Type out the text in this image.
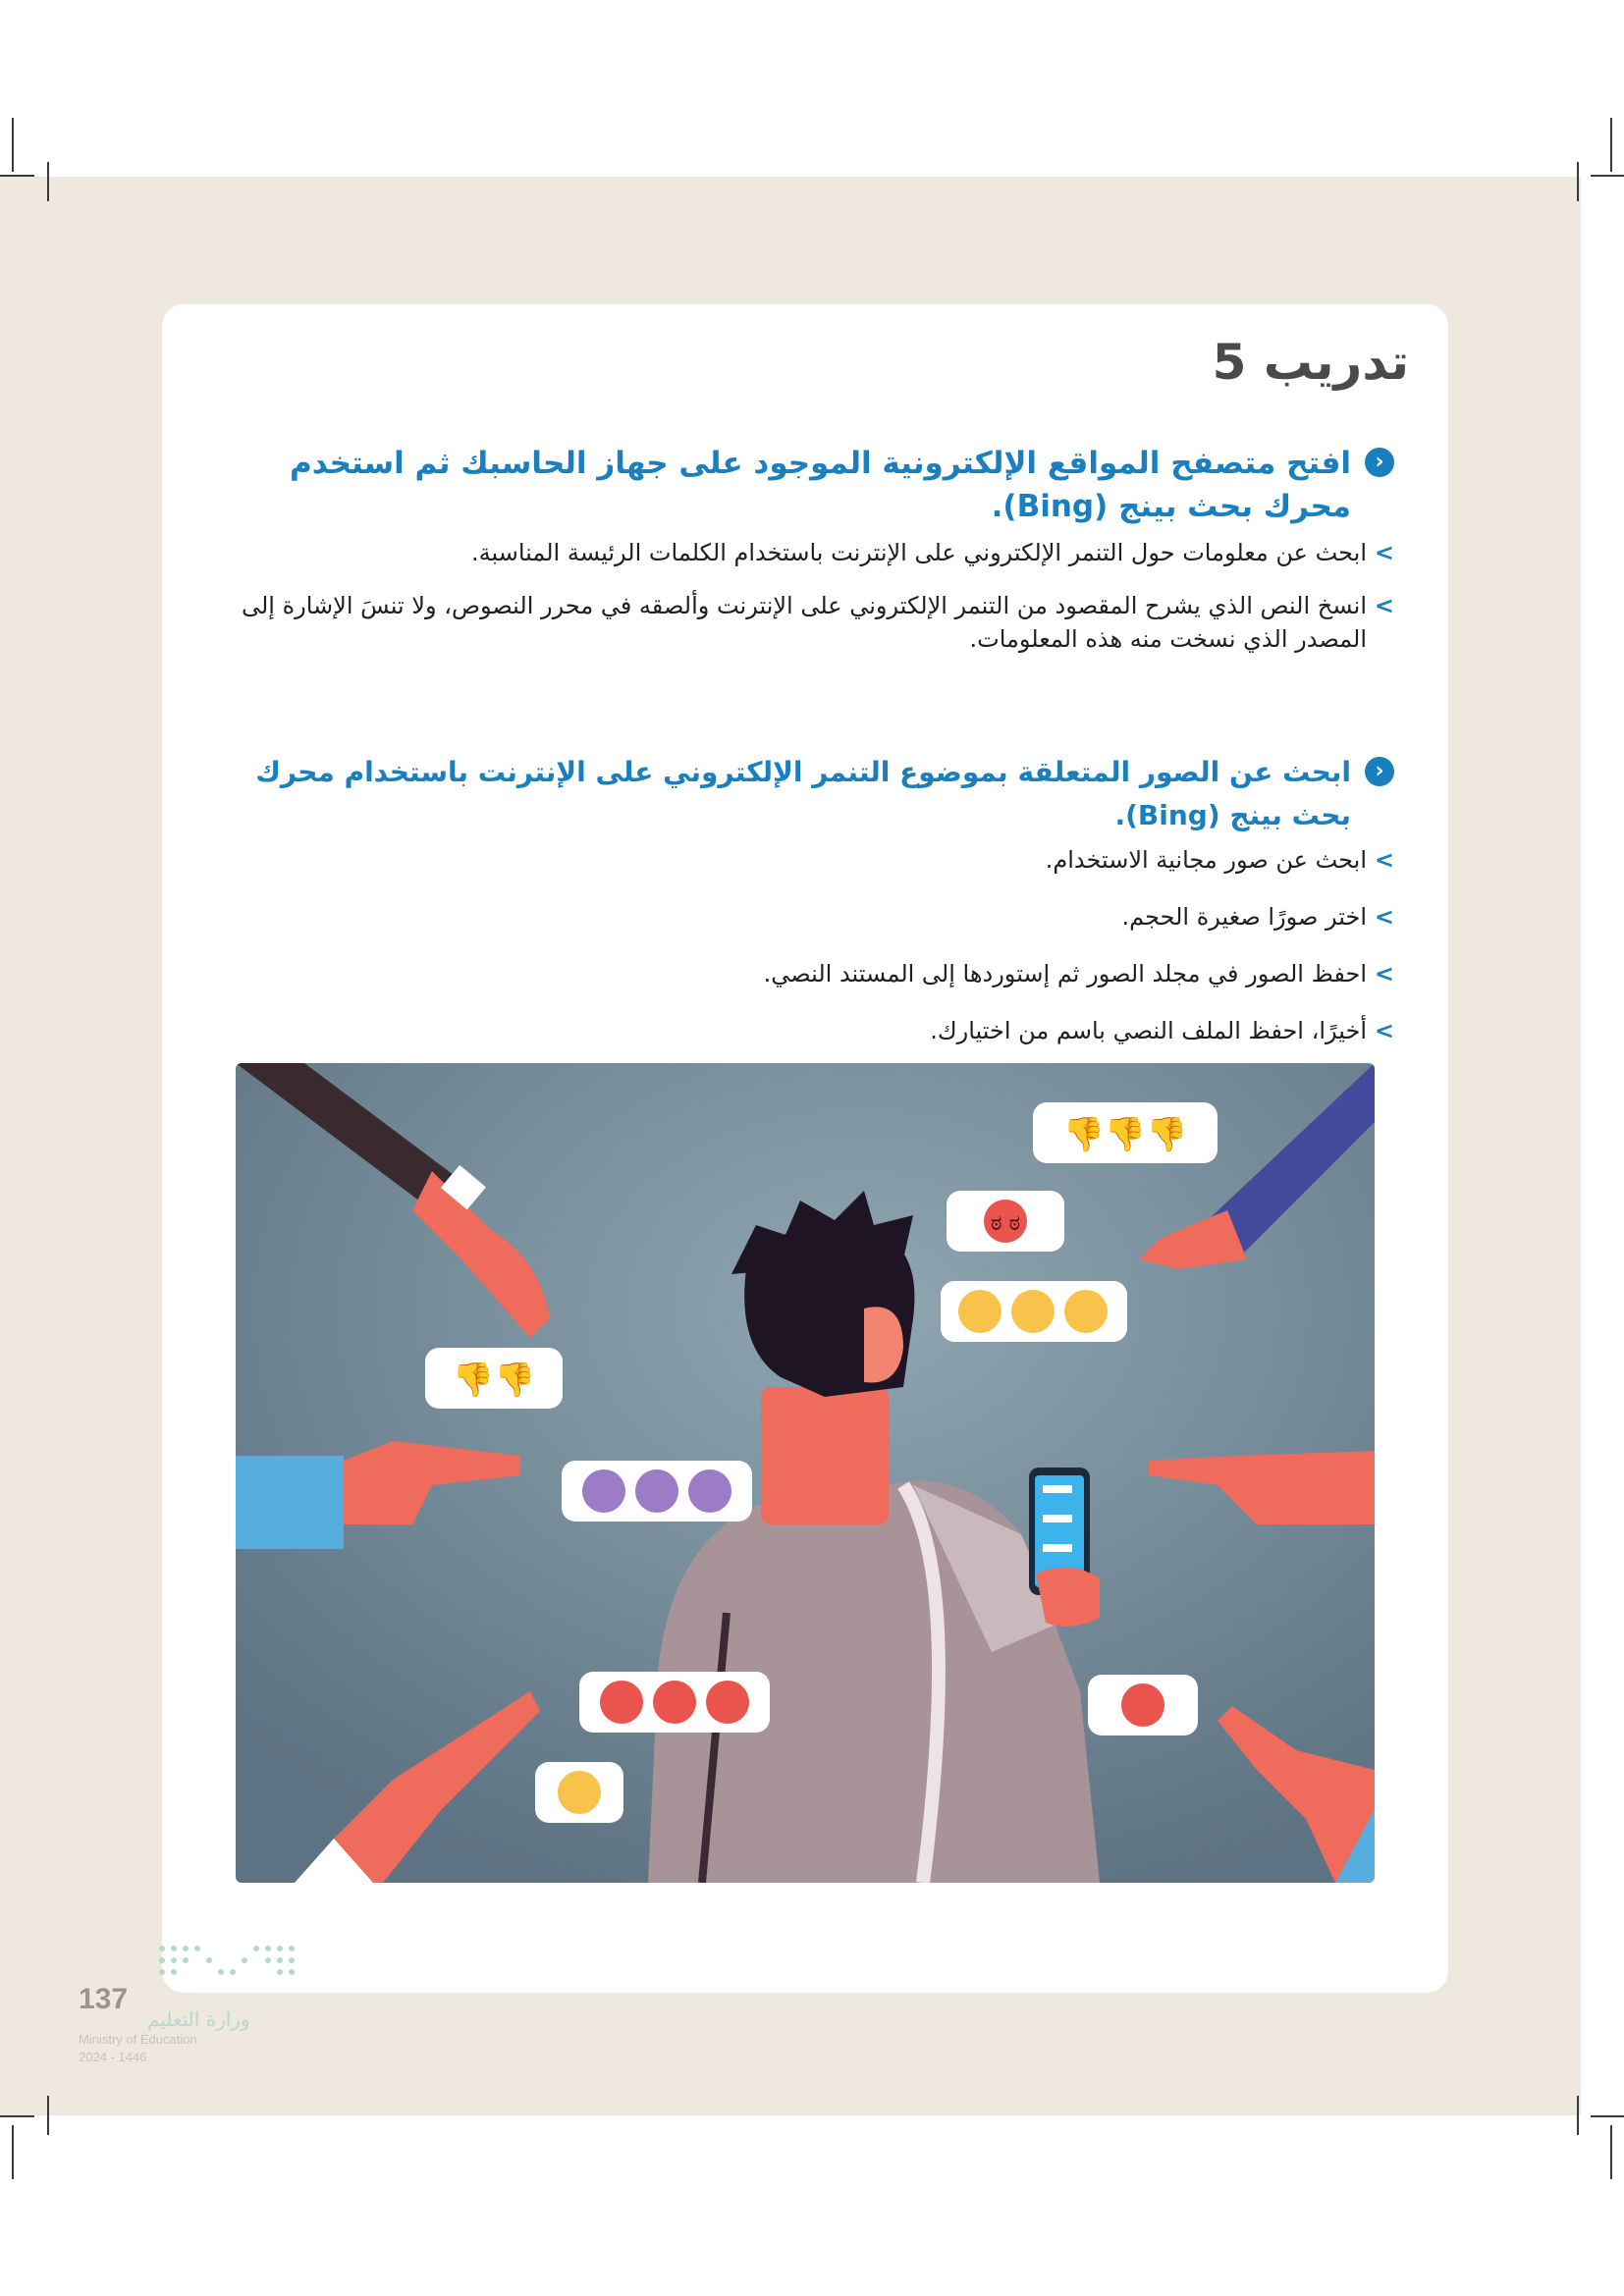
تدريب 5
‹
افتح متصفح المواقع الإلكترونية الموجود على جهاز الحاسبك ثم استخدم محرك بحث بينج (Bing).
>
ابحث عن معلومات حول التنمر الإلكتروني على الإنترنت باستخدام الكلمات الرئيسة المناسبة.
>
انسخ النص الذي يشرح المقصود من التنمر الإلكتروني على الإنترنت وألصقه في محرر النصوص، ولا تنسَ الإشارة إلى المصدر الذي نسخت منه هذه المعلومات.
‹
ابحث عن الصور المتعلقة بموضوع التنمر الإلكتروني على الإنترنت باستخدام محرك بحث بينج (Bing).
>
ابحث عن صور مجانية الاستخدام.
>
اختر صورًا صغيرة الحجم.
>
احفظ الصور في مجلد الصور ثم إستوردها إلى المستند النصي.
>
أخيرًا، احفظ الملف النصي باسم من اختيارك.
👎👎👎
👎👎
ಠ ಠ
137
وزارة التعليم
Ministry of Education
2024 - 1446
